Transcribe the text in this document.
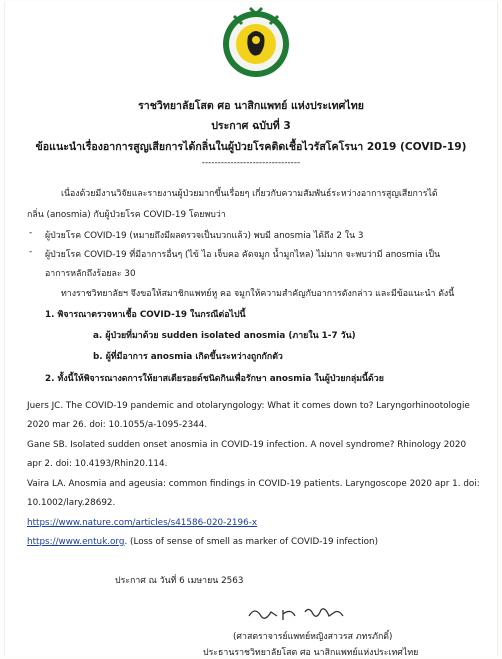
ราชวิทยาลัยโสต ศอ นาสิกแพทย์ แห่งประเทศไทย
ประกาศ ฉบับที่ 3
ข้อแนะนำเรื่องอาการสูญเสียการได้กลิ่นในผู้ป่วยโรคติดเชื้อไวรัสโคโรนา 2019 (COVID-19)
-------------------------------
เนื่องด้วยมีงานวิจัยและรายงานผู้ป่วยมากขึ้นเรื่อยๆ เกี่ยวกับความสัมพันธ์ระหว่างอาการสูญเสียการได้
กลิ่น (anosmia) กับผู้ป่วยโรค COVID-19 โดยพบว่า
- ผู้ป่วยโรค COVID-19 (หมายถึงมีผลตรวจเป็นบวกแล้ว) พบมี anosmia ได้ถึง 2 ใน 3
- ผู้ป่วยโรค COVID-19 ที่มีอาการอื่นๆ (ไข้ ไอ เจ็บคอ คัดจมูก น้ำมูกไหล) ไม่มาก จะพบว่ามี anosmia เป็น
อาการหลักถึงร้อยละ 30
ทางราชวิทยาลัยฯ จึงขอให้สมาชิกแพทย์หู คอ จมูกให้ความสำคัญกับอาการดังกล่าว และมีข้อแนะนำ ดังนี้
1. พิจารณาตรวจหาเชื้อ COVID-19 ในกรณีต่อไปนี้
a. ผู้ป่วยที่มาด้วย sudden isolated anosmia (ภายใน 1-7 วัน)
b. ผู้ที่มีอาการ anosmia เกิดขึ้นระหว่างถูกกักตัว
2. ทั้งนี้ให้พิจารณางดการให้ยาสเตียรอยด์ชนิดกินเพื่อรักษา anosmia ในผู้ป่วยกลุ่มนี้ด้วย
Juers JC. The COVID-19 pandemic and otolaryngology: What it comes down to? Laryngorhinootologie
2020 mar 26. doi: 10.1055/a-1095-2344.
Gane SB. Isolated sudden onset anosmia in COVID-19 infection. A novel syndrome? Rhinology 2020
apr 2. doi: 10.4193/Rhin20.114.
Vaira LA. Anosmia and ageusia: common findings in COVID-19 patients. Laryngoscope 2020 apr 1. doi:
10.1002/lary.28692.
https://www.nature.com/articles/s41586-020-2196-x
https://www.entuk.org. (Loss of sense of smell as marker of COVID-19 infection)
ประกาศ ณ วันที่ 6 เมษายน 2563
(ศาสตราจารย์แพทย์หญิงสาวรส ภทรภักดิ์)
ประธานราชวิทยาลัยโสต ศอ นาสิกแพทย์แห่งประเทศไทย
